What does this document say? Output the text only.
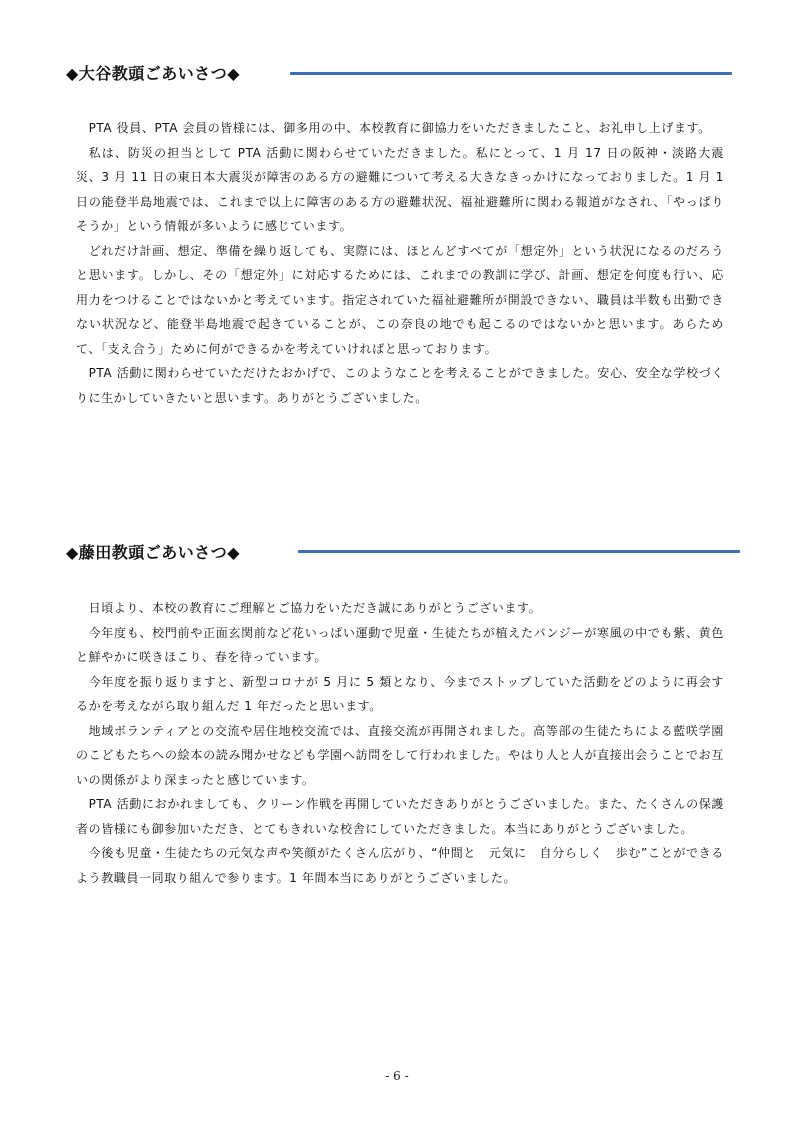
◆大谷教頭ごあいさつ◆

PTA 役員、PTA 会員の皆様には、御多用の中、本校教育に御協力をいただきましたこと、お礼申し上げます。

私は、防災の担当として PTA 活動に関わらせていただきました。私にとって、1 月 17 日の阪神・淡路大震災、3 月 11 日の東日本大震災が障害のある方の避難について考える大きなきっかけになっておりました。1 月 1 日の能登半島地震では、これまで以上に障害のある方の避難状況、福祉避難所に関わる報道がなされ、「やっぱりそうか」という情報が多いように感じています。

どれだけ計画、想定、準備を繰り返しても、実際には、ほとんどすべてが「想定外」という状況になるのだろうと思います。しかし、その「想定外」に対応するためには、これまでの教訓に学び、計画、想定を何度も行い、応用力をつけることではないかと考えています。指定されていた福祉避難所が開設できない、職員は半数も出勤できない状況など、能登半島地震で起きていることが、この奈良の地でも起こるのではないかと思います。あらためて、「支え合う」ために何ができるかを考えていければと思っております。

PTA 活動に関わらせていただけたおかげで、このようなことを考えることができました。安心、安全な学校づくりに生かしていきたいと思います。ありがとうございました。

◆藤田教頭ごあいさつ◆

日頃より、本校の教育にご理解とご協力をいただき誠にありがとうございます。

今年度も、校門前や正面玄関前など花いっぱい運動で児童・生徒たちが植えたパンジーが寒風の中でも紫、黄色と鮮やかに咲きほこり、春を待っています。

今年度を振り返りますと、新型コロナが 5 月に 5 類となり、今までストップしていた活動をどのように再会するかを考えながら取り組んだ 1 年だったと思います。

地域ボランティアとの交流や居住地校交流では、直接交流が再開されました。高等部の生徒たちによる藍咲学園のこどもたちへの絵本の読み聞かせなども学園へ訪問をして行われました。やはり人と人が直接出会うことでお互いの関係がより深まったと感じています。

PTA 活動におかれましても、クリーン作戦を再開していただきありがとうございました。また、たくさんの保護者の皆様にも御参加いただき、とてもきれいな校舎にしていただきました。本当にありがとうございました。

今後も児童・生徒たちの元気な声や笑顔がたくさん広がり、“仲間と　元気に　自分らしく　歩む”ことができるよう教職員一同取り組んで参ります。1 年間本当にありがとうございました。

- 6 -
